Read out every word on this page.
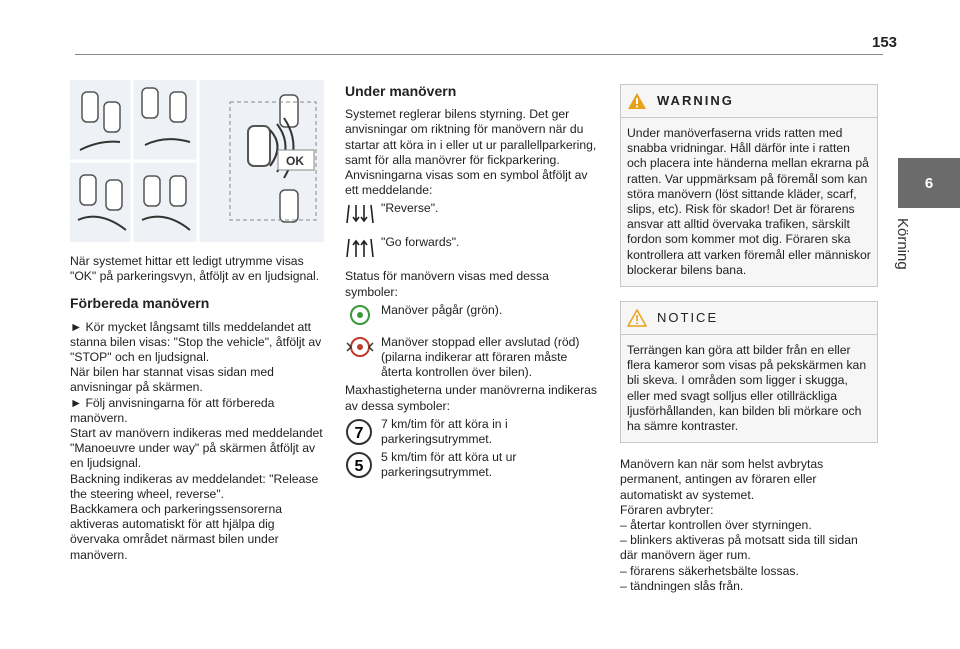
153
6
Körning
OK

När systemet hittar ett ledigt utrymme visas "OK" på parkeringsvyn, åtföljt av en ljudsignal.

Förbereda manövern

► Kör mycket långsamt tills meddelandet att stanna bilen visas: "Stop the vehicle", åtföljt av "STOP" och en ljudsignal.

När bilen har stannat visas sidan med anvisningar på skärmen.

► Följ anvisningarna för att förbereda manövern.

Start av manövern indikeras med meddelandet "Manoeuvre under way" på skärmen åtföljt av en ljudsignal.

Backning indikeras av meddelandet: "Release the steering wheel, reverse".

Backkamera och parkeringssensorerna aktiveras automatiskt för att hjälpa dig övervaka området närmast bilen under manövern.

Under manövern

Systemet reglerar bilens styrning. Det ger anvisningar om riktning för manövern när du startar att köra in i eller ut ur parallellparkering, samt för alla manövrer för fickparkering. Anvisningarna visas som en symbol åtföljt av ett meddelande:

"Reverse".
"Go forwards".

Status för manövern visas med dessa symboler:

Manöver pågår (grön).
Manöver stoppad eller avslutad (röd) (pilarna indikerar att föraren måste återta kontrollen över bilen).

Maxhastigheterna under manövrerna indikeras av dessa symboler:

7
7 km/tim för att köra in i parkeringsutrymmet.
5
5 km/tim för att köra ut ur parkeringsutrymmet.
WARNING

Under manöverfaserna vrids ratten med snabba vridningar. Håll därför inte i ratten och placera inte händerna mellan ekrarna på ratten. Var uppmärksam på föremål som kan störa manövern (löst sittande kläder, scarf, slips, etc). Risk för skador! Det är förarens ansvar att alltid övervaka trafiken, särskilt fordon som kommer mot dig. Föraren ska kontrollera att varken föremål eller människor blockerar bilens bana.

NOTICE

Terrängen kan göra att bilder från en eller flera kameror som visas på pekskärmen kan bli skeva. I områden som ligger i skugga, eller med svagt solljus eller otillräckliga ljusförhållanden, kan bilden bli mörkare och ha sämre kontraster.

Manövern kan när som helst avbrytas permanent, antingen av föraren eller automatiskt av systemet.

Föraren avbryter:

– återtar kontrollen över styrningen.

– blinkers aktiveras på motsatt sida till sidan där manövern äger rum.

– förarens säkerhetsbälte lossas.

– tändningen slås från.
